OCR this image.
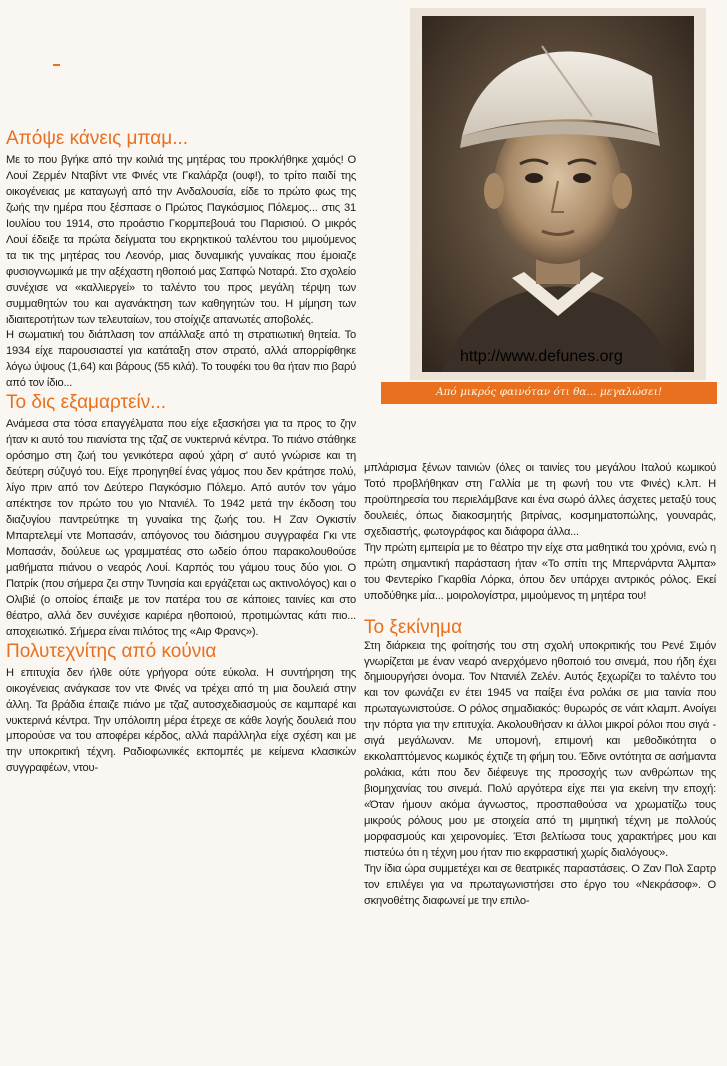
Απόψε κάνεις μπαμ...

Με το που βγήκε από την κοιλιά της μητέρας του προκλήθηκε χαμός! Ο Λουί Ζερμέν Νταβίντ ντε Φινές ντε Γκαλάρζα (ουφ!), το τρίτο παιδί της οικογένειας με καταγωγή από την Ανδαλουσία, είδε το πρώτο φως της ζωής την ημέρα που ξέσπασε ο Πρώτος Παγκόσμιος Πόλεμος... στις 31 Ιουλίου του 1914, στο προάστιο Γκορμπεβουά του Παρισιού. Ο μικρός Λουί έδειξε τα πρώτα δείγματα του εκρηκτικού ταλέντου του μιμούμενος τα τικ της μητέρας του Λεονόρ, μιας δυναμικής γυναίκας που έμοιαζε φυσιογνωμικά με την αξέχαστη ηθοποιό μας Σαπφώ Νοταρά. Στο σχολείο συνέχισε να «καλλιεργεί» το ταλέντο του προς μεγάλη τέρψη των συμμαθητών του και αγανάκτηση των καθηγητών του. Η μίμηση των ιδιαιτεροτήτων των τελευταίων, του στοίχιζε απανωτές αποβολές.

Η σωματική του διάπλαση τον απάλλαξε από τη στρατιωτική θητεία. Το 1934 είχε παρουσιαστεί για κατάταξη στον στρατό, αλλά απορρίφθηκε λόγω ύψους (1,64) και βάρους (55 κιλά). Το τουφέκι του θα ήταν πιο βαρύ από τον ίδιο...

Το δις εξαμαρτείν...

Ανάμεσα στα τόσα επαγγέλματα που είχε εξασκήσει για τα προς το ζην ήταν κι αυτό του πιανίστα της τζαζ σε νυκτερινά κέντρα. Το πιάνο στάθηκε ορόσημο στη ζωή του γενικότερα αφού χάρη σ' αυτό γνώρισε και τη δεύτερη σύζυγό του. Είχε προηγηθεί ένας γάμος που δεν κράτησε πολύ, λίγο πριν από τον Δεύτερο Παγκόσμιο Πόλεμο. Από αυτόν τον γάμο απέκτησε τον πρώτο του γιο Ντανιέλ. Το 1942 μετά την έκδοση του διαζυγίου παντρεύτηκε τη γυναίκα της ζωής του. Η Ζαν Ογκιστίν Μπαρτελεμί ντε Μοπασάν, απόγονος του διάσημου συγγραφέα Γκι ντε Μοπασάν, δούλευε ως γραμματέας στο ωδείο όπου παρακολουθούσε μαθήματα πιάνου ο νεαρός Λουί. Καρπός του γάμου τους δύο γιοι. Ο Πατρίκ (που σήμερα ζει στην Τυνησία και εργάζεται ως ακτινολόγος) και ο Ολιβιέ (ο οποίος έπαιξε με τον πατέρα του σε κάποιες ταινίες και στο θέατρο, αλλά δεν συνέχισε καριέρα ηθοποιού, προτιμώντας κάτι πιο... αποχειωτικό. Σήμερα είναι πιλότος της «Αιρ Φρανς»).

Πολυτεχνίτης από κούνια

Η επιτυχία δεν ήλθε ούτε γρήγορα ούτε εύκολα. Η συντήρηση της οικογένειας ανάγκασε τον ντε Φινές να τρέχει από τη μια δουλειά στην άλλη. Τα βράδια έπαιζε πιάνο με τζαζ αυτοσχεδιασμούς σε καμπαρέ και νυκτερινά κέντρα. Την υπόλοιπη μέρα έτρεχε σε κάθε λογής δουλειά που μπορούσε να του αποφέρει κέρδος, αλλά παράλληλα είχε σχέση και με την υποκριτική τέχνη. Ραδιοφωνικές εκπομπές με κείμενα κλασικών συγγραφέων, ντου-

http://www.defunes.org
Από μικρός φαινόταν ότι θα... μεγαλώσει!

μπλάρισμα ξένων ταινιών (όλες οι ταινίες του μεγάλου Ιταλού κωμικού Τοτό προβλήθηκαν στη Γαλλία με τη φωνή του ντε Φινές) κ.λπ. Η προϋπηρεσία του περιελάμβανε και ένα σωρό άλλες άσχετες μεταξύ τους δουλειές, όπως διακοσμητής βιτρίνας, κοσμηματοπώλης, γουναράς, σχεδιαστής, φωτογράφος και διάφορα άλλα...

Την πρώτη εμπειρία με το θέατρο την είχε στα μαθητικά του χρόνια, ενώ η πρώτη σημαντική παράσταση ήταν «Το σπίτι της Μπερνάρντα Άλμπα» του Φεντερίκο Γκαρθία Λόρκα, όπου δεν υπάρχει αντρικός ρόλος. Εκεί υποδύθηκε μία... μοιρολογίστρα, μιμούμενος τη μητέρα του!

Το ξεκίνημα

Στη διάρκεια της φοίτησής του στη σχολή υποκριτικής του Ρενέ Σιμόν γνωρίζεται με έναν νεαρό ανερχόμενο ηθοποιό του σινεμά, που ήδη έχει δημιουργήσει όνομα. Τον Ντανιέλ Ζελέν. Αυτός ξεχωρίζει το ταλέντο του και τον φωνάζει εν έτει 1945 να παίξει ένα ρολάκι σε μια ταινία που πρωταγωνιστούσε. Ο ρόλος σημαδιακός: θυρωρός σε νάιτ κλαμπ. Ανοίγει την πόρτα για την επιτυχία. Ακολουθήσαν κι άλλοι μικροί ρόλοι που σιγά - σιγά μεγάλωναν. Με υπομονή, επιμονή και μεθοδικότητα ο εκκολαπτόμενος κωμικός έχτιζε τη φήμη του. Έδινε οντότητα σε ασήμαντα ρολάκια, κάτι που δεν διέφευγε της προσοχής των ανθρώπων της βιομηχανίας του σινεμά. Πολύ αργότερα είχε πει για εκείνη την εποχή: «Όταν ήμουν ακόμα άγνωστος, προσπαθούσα να χρωματίζω τους μικρούς ρόλους μου με στοιχεία από τη μιμητική τέχνη με πολλούς μορφασμούς και χειρονομίες. Έτσι βελτίωσα τους χαρακτήρες μου και πιστεύω ότι η τέχνη μου ήταν πιο εκφραστική χωρίς διαλόγους».

Την ίδια ώρα συμμετέχει και σε θεατρικές παραστάσεις. Ο Ζαν Πολ Σαρτρ τον επιλέγει για να πρωταγωνιστήσει στο έργο του «Νεκράσοφ». Ο σκηνοθέτης διαφωνεί με την επιλο-
